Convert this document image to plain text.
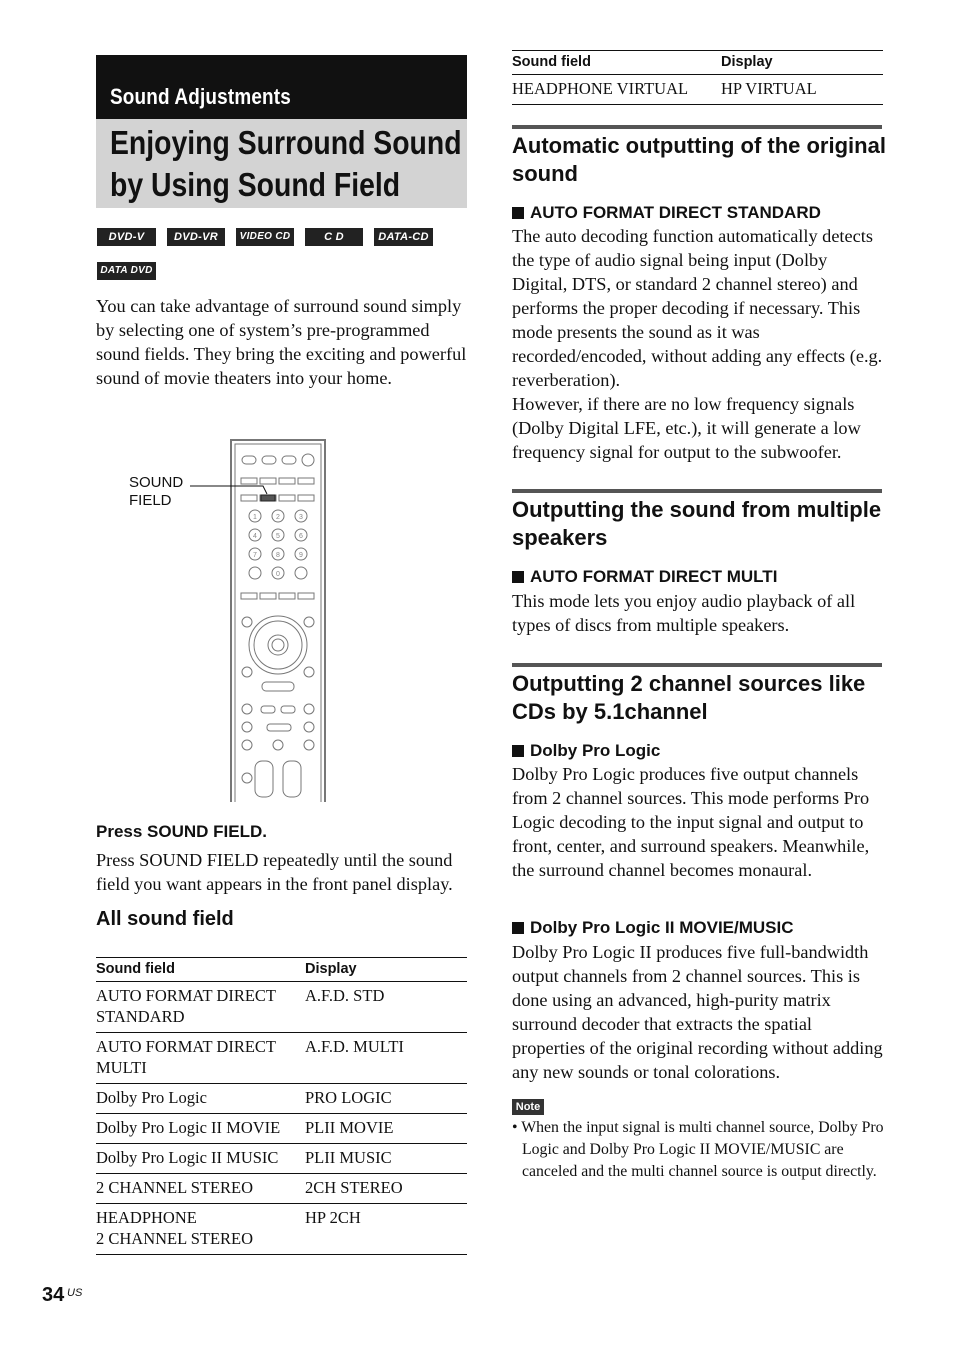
Sound Adjustments
Enjoying Surround Sound
by Using Sound Field
DVD-V	DVD-VR	VIDEO CD	C D	DATA-CD
DATA DVD
You can take advantage of surround sound simply by selecting one of system’s pre-programmed sound fields. They bring the exciting and powerful sound of movie theaters into your home.
SOUND
FIELD
1	2	3
4	5	6
7	8	9
0
Press SOUND FIELD.
Press SOUND FIELD repeatedly until the sound field you want appears in the front panel display.
All sound field
Sound field	Display
AUTO FORMAT DIRECT
STANDARD	A.F.D. STD
AUTO FORMAT DIRECT
MULTI	A.F.D. MULTI
Dolby Pro Logic	PRO LOGIC
Dolby Pro Logic II MOVIE	PLII MOVIE
Dolby Pro Logic II MUSIC	PLII MUSIC
2 CHANNEL STEREO	2CH STEREO
HEADPHONE
2 CHANNEL STEREO	HP 2CH
Sound field	Display
HEADPHONE VIRTUAL	HP VIRTUAL
Automatic outputting of the original sound
AUTO FORMAT DIRECT STANDARD
The auto decoding function automatically detects the type of audio signal being input (Dolby Digital, DTS, or standard 2 channel stereo) and performs the proper decoding if necessary. This mode presents the sound as it was recorded/encoded, without adding any effects (e.g. reverberation).
However, if there are no low frequency signals (Dolby Digital LFE, etc.), it will generate a low frequency signal for output to the subwoofer.
Outputting the sound from multiple speakers
AUTO FORMAT DIRECT MULTI
This mode lets you enjoy audio playback of all types of discs from multiple speakers.
Outputting 2 channel sources like CDs by 5.1channel
Dolby Pro Logic
Dolby Pro Logic produces five output channels from 2 channel sources. This mode performs Pro Logic decoding to the input signal and output to front, center, and surround speakers. Meanwhile, the surround channel becomes monaural.
Dolby Pro Logic II MOVIE/MUSIC
Dolby Pro Logic II produces five full-bandwidth output channels from 2 channel sources. This is done using an advanced, high-purity matrix surround decoder that extracts the spatial properties of the original recording without adding any new sounds or tonal colorations.
Note
• When the input signal is multi channel source, Dolby Pro Logic and Dolby Pro Logic II MOVIE/MUSIC are canceled and the multi channel source is output directly.
34 US
